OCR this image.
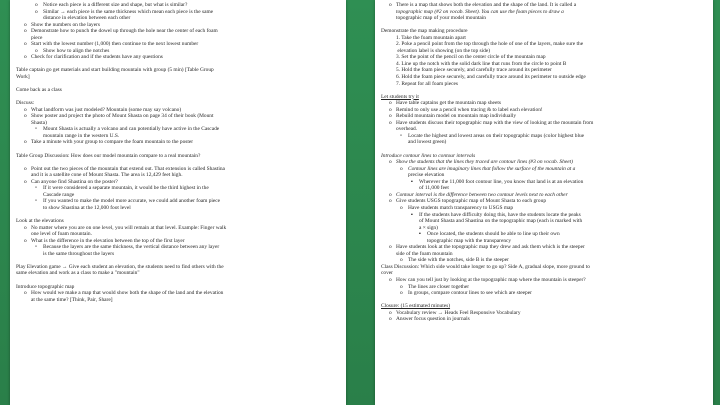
o Notice each piece is a different size and shape, but what is similar?
o Similar → each piece is the same thickness which mean each piece is the same
distance in elevation between each other
o Show the numbers on the layers
o Demonstrate how to punch the dowel up through the hole near the center of each foam
piece
o Start with the lowest number (1,000) then continue to the next lowest number
o Show how to align the notches
o Check for clarification and if the students have any questions
Table captain go get materials and start building mountain with group (5 min) [Table Group
Work]
Come back as a class
Discuss:
o What landform was just modeled? Mountain (some may say volcano)
o Show poster and project the photo of Mount Shasta on page 34 of their book (Mount
Shasta)
▫ Mount Shasta is actually a volcano and can potentially have active in the Cascade
mountain range in the western U.S.
o Take a minute with your group to compare the foam mountain to the poster
Table Group Discussion: How does our model mountain compare to a real mountain?
o Point out the two pieces of the mountain that extend out. That extension is called Shastina
and it is a satellite cone of Mount Shasta. The area is 12,429 feet high.
o Can anyone find Shastina on the poster?
▫ If it were considered a separate mountain, it would be the third highest in the
Cascade range
▫ If you wanted to make the model more accurate, we could add another foam piece
to show Shastina at the 12,000 foot level
Look at the elevations
o No matter where you are on one level, you will remain at that level. Example: Finger walk
one level of foam mountain.
o What is the difference in the elevation between the top of the first layer
▫ Because the layers are the same thickness, the vertical distance between any layer
is the same throughout the layers
Play Elevation game → Give each student an elevation, the students need to find others with the
same elevation and work as a class to make a "mountain"
Introduce topographic map
o How would we make a map that would show both the shape of the land and the elevation
at the same time? [Think, Pair, Share]
o There is a map that shows both the elevation and the shape of the land. It is called a
topographic map (#2 on vocab. Sheet). You can use the foam pieces to draw a
topographic map of your model mountain
Demonstrate the map making procedure
1. Take the foam mountain apart
2. Poke a pencil point from the top through the hole of one of the layers, make sure the
elevation label is showing (on the top side)
3. Set the point of the pencil on the center circle of the mountain map
4. Line up the notch with the solid dark line that runs from the circle to point B
5. Hold the foam piece securely, and carefully trace around its perimeter
6. Hold the foam piece securely, and carefully trace around its perimeter to outside edge
7. Repeat for all foam pieces
Let students try it
o Have table captains get the mountain map sheets
o Remind to only use a pencil when tracing & to label each elevation!
o Rebuild mountain model on mountain map individually
o Have students discuss their topographic map with the view of looking at the mountain from
overhead.
▫ Locate the highest and lowest areas on their topographic maps (color highest blue
and lowest green)
Introduce contour lines to contour intervals
o Show the students that the lines they traced are contour lines (#3 on vocab. Sheet)
o Contour lines are imaginary lines that follow the surface of the mountain at a
precise elevation
▪ Wherever the 11,000 foot contour line, you know that land is at an elevation
of 11,000 feet
o Contour interval is the difference between two contour levels next to each other
o Give students USGS topographic map of Mount Shasta to each group
o Have students match transparency to USGS map
▪ If the students have difficulty doing this, have the students locate the peaks
of Mount Shasta and Shastina on the topographic map (each is marked with
a × sign)
▪ Once located, the students should be able to line up their own
topographic map with the transparency
o Have students look at the topographic map they drew and ask them which is the steeper
side of the foam mountain
o The side with the notches, side B is the steeper
Class Discussion: Which side would take longer to go up? Side A, gradual slope, more ground to
cover
o How can you tell just by looking at the topographic map where the mountain is steeper?
o The lines are closer together
o In groups, compare contour lines to see which are steeper
Closure: (15 estimated minutes)
o Vocabulary review → Heads Feel Responsive Vocabulary
o Answer focus question in journals
